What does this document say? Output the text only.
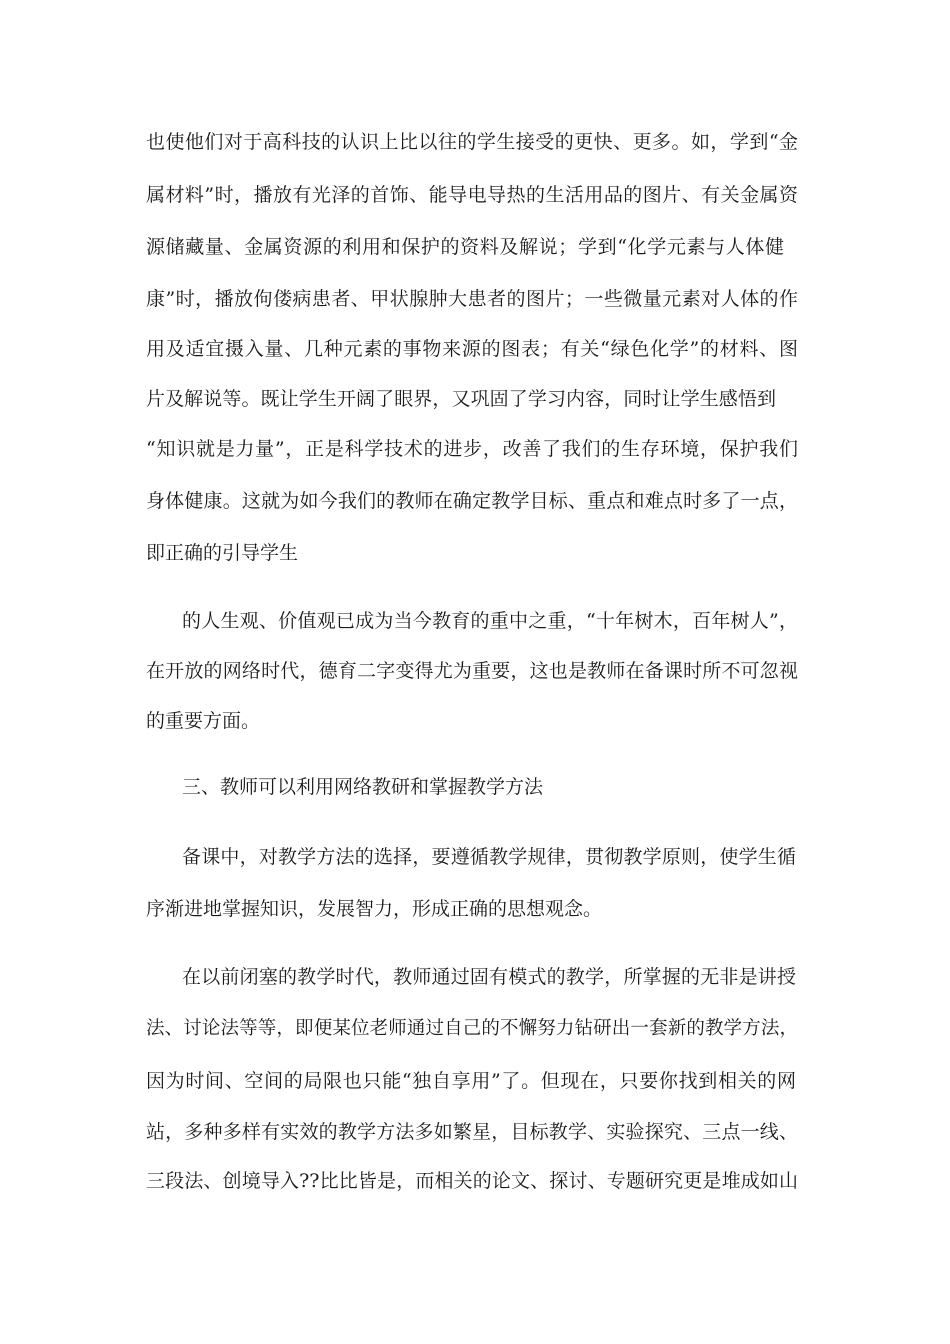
也使他们对于高科技的认识上比以往的学生接受的更快、更多。如，学到“金
属材料”时，播放有光泽的首饰、能导电导热的生活用品的图片、有关金属资
源储藏量、金属资源的利用和保护的资料及解说；学到“化学元素与人体健
康”时，播放佝偻病患者、甲状腺肿大患者的图片；一些微量元素对人体的作
用及适宜摄入量、几种元素的事物来源的图表；有关“绿色化学”的材料、图
片及解说等。既让学生开阔了眼界，又巩固了学习内容，同时让学生感悟到
“知识就是力量”，正是科学技术的进步，改善了我们的生存环境，保护我们
身体健康。这就为如今我们的教师在确定教学目标、重点和难点时多了一点，
即正确的引导学生
的人生观、价值观已成为当今教育的重中之重，“十年树木，百年树人”，
在开放的网络时代，德育二字变得尤为重要，这也是教师在备课时所不可忽视
的重要方面。
三、教师可以利用网络教研和掌握教学方法
备课中，对教学方法的选择，要遵循教学规律，贯彻教学原则，使学生循
序渐进地掌握知识，发展智力，形成正确的思想观念。
在以前闭塞的教学时代，教师通过固有模式的教学，所掌握的无非是讲授
法、讨论法等等，即便某位老师通过自己的不懈努力钻研出一套新的教学方法，
因为时间、空间的局限也只能“独自享用”了。但现在，只要你找到相关的网
站，多种多样有实效的教学方法多如繁星，目标教学、实验探究、三点一线、
三段法、创境导入??比比皆是，而相关的论文、探讨、专题研究更是堆成如山
